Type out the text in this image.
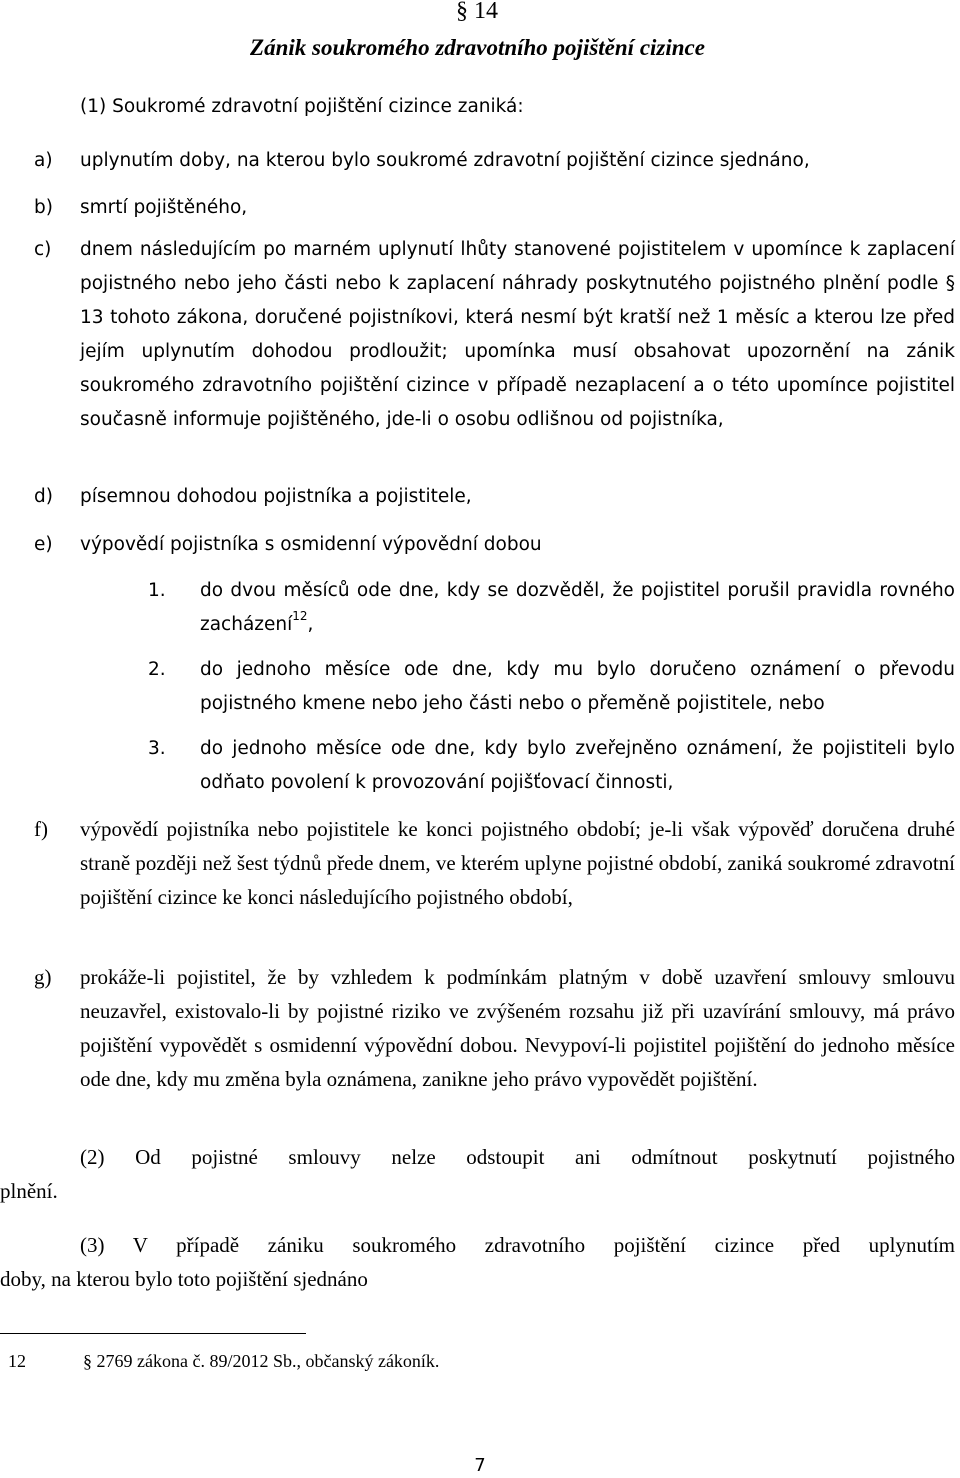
§ 14
Zánik soukromého zdravotního pojištění cizince
(1) Soukromé zdravotní pojištění cizince zaniká:
a)	uplynutím doby, na kterou bylo soukromé zdravotní pojištění cizince sjednáno,
b)	smrtí pojištěného,
c)	dnem následujícím po marném uplynutí lhůty stanovené pojistitelem v upomínce k zaplacení pojistného nebo jeho části nebo k zaplacení náhrady poskytnutého pojistného plnění podle § 13 tohoto zákona, doručené pojistníkovi, která nesmí být kratší než 1 měsíc a kterou lze před jejím uplynutím dohodou prodloužit; upomínka musí obsahovat upozornění na zánik soukromého zdravotního pojištění cizince v případě nezaplacení a o této upomínce pojistitel současně informuje pojištěného, jde-li o osobu odlišnou od pojistníka,
d)	písemnou dohodou pojistníka a pojistitele,
e)	výpovědí pojistníka s osmidenní výpovědní dobou
1. do dvou měsíců ode dne, kdy se dozvěděl, že pojistitel porušil pravidla rovného zacházení$^{12}$,
2. do jednoho měsíce ode dne, kdy mu bylo doručeno oznámení o převodu pojistného kmene nebo jeho části nebo o přeměně pojistitele, nebo
3. do jednoho měsíce ode dne, kdy bylo zveřejněno oznámení, že pojistiteli bylo odňato povolení k provozování pojišťovací činnosti,
f)	výpovědí pojistníka nebo pojistitele ke konci pojistného období; je-li však výpověď doručena druhé straně později než šest týdnů přede dnem, ve kterém uplyne pojistné období, zaniká soukromé zdravotní pojištění cizince ke konci následujícího pojistného období,
g)	prokáže-li pojistitel, že by vzhledem k podmínkám platným v době uzavření smlouvy smlouvu neuzavřel, existovalo-li by pojistné riziko ve zvýšeném rozsahu již při uzavírání smlouvy, má právo pojištění vypovědět s osmidenní výpovědní dobou. Nevypoví-li pojistitel pojištění do jednoho měsíce ode dne, kdy mu změna byla oznámena, zanikne jeho právo vypovědět pojištění.
(2) Od pojistné smlouvy nelze odstoupit ani odmítnout poskytnutí pojistného
plnění.
(3) V případě zániku soukromého zdravotního pojištění cizince před uplynutím
doby, na kterou bylo toto pojištění sjednáno
12	§ 2769 zákona č. 89/2012 Sb., občanský zákoník.
7
